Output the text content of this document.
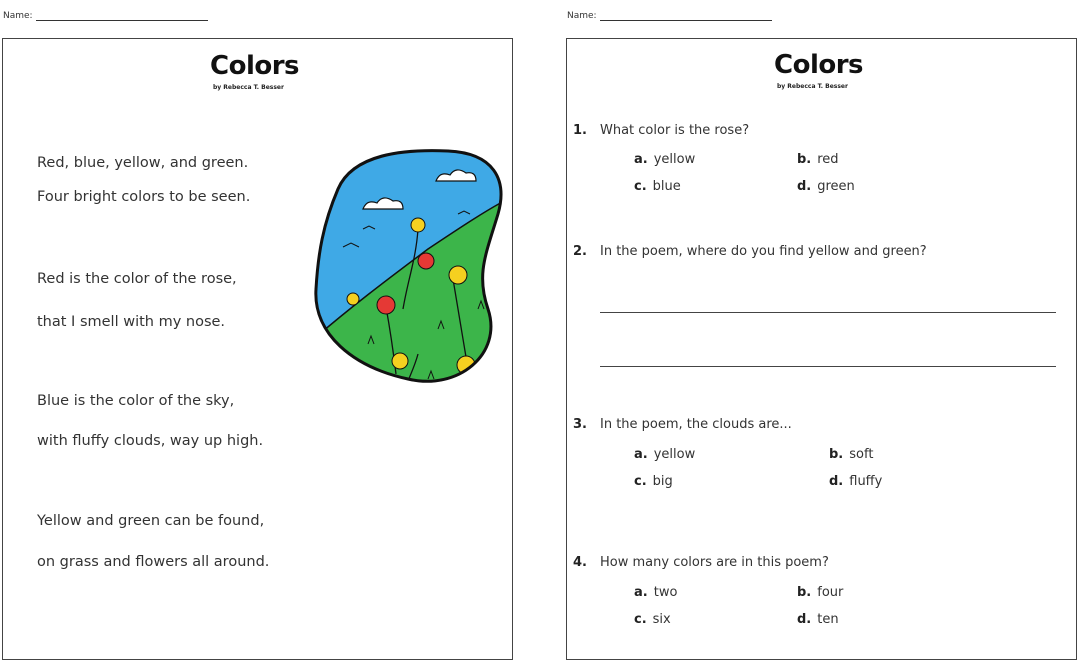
Name:	Name:
Colors
by Rebecca T. Besser
Red, blue, yellow, and green.
Four bright colors to be seen.
Red is the color of the rose,
that I smell with my nose.
Blue is the color of the sky,
with fluffy clouds, way up high.
Yellow and green can be found,
on grass and flowers all around.
Colors
by Rebecca T. Besser
1. What color is the rose?
a. yellow	b. red
c. blue	d. green
2. In the poem, where do you find yellow and green?
3. In the poem, the clouds are...
a. yellow	b. soft
c. big	d. fluffy
4. How many colors are in this poem?
a. two	b. four
c. six	d. ten
